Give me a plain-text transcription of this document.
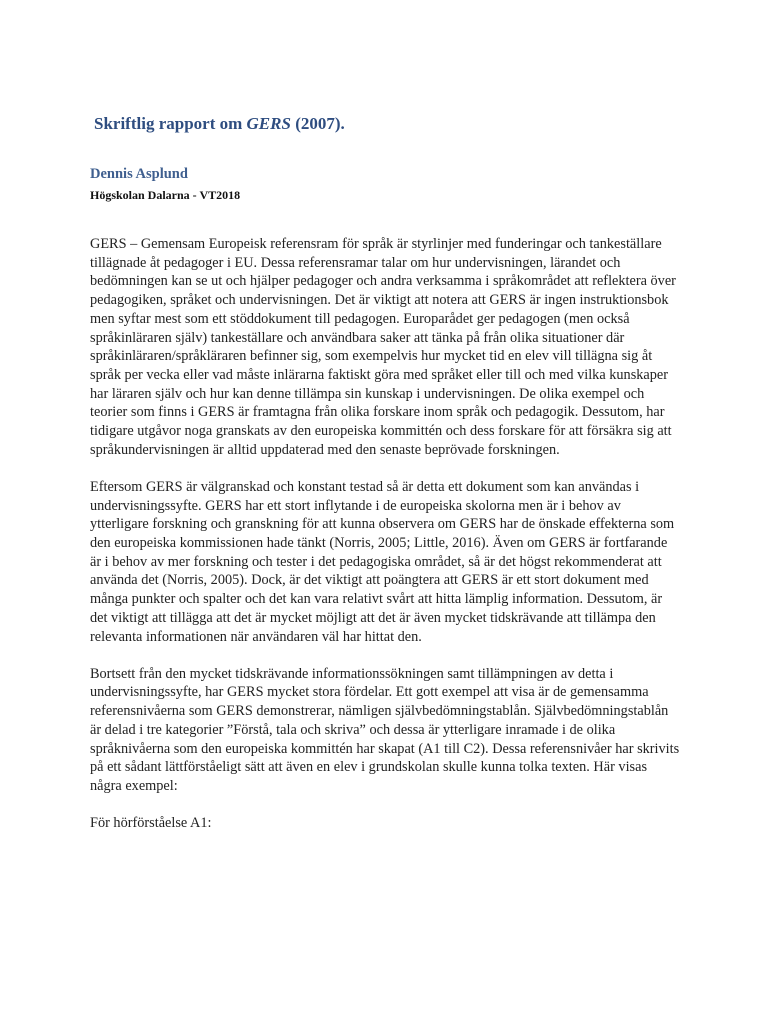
Skriftlig rapport om GERS (2007).

Dennis Asplund

Högskolan Dalarna - VT2018

GERS – Gemensam Europeisk referensram för språk är styrlinjer med funderingar och tankeställare
tillägnade åt pedagoger i EU. Dessa referensramar talar om hur undervisningen, lärandet och
bedömningen kan se ut och hjälper pedagoger och andra verksamma i språkområdet att reflektera över
pedagogiken, språket och undervisningen. Det är viktigt att notera att GERS är ingen instruktionsbok
men syftar mest som ett stöddokument till pedagogen. Europarådet ger pedagogen (men också
språkinläraren själv) tankeställare och användbara saker att tänka på från olika situationer där
språkinläraren/språkläraren befinner sig, som exempelvis hur mycket tid en elev vill tillägna sig åt
språk per vecka eller vad måste inlärarna faktiskt göra med språket eller till och med vilka kunskaper
har läraren själv och hur kan denne tillämpa sin kunskap i undervisningen. De olika exempel och
teorier som finns i GERS är framtagna från olika forskare inom språk och pedagogik. Dessutom, har
tidigare utgåvor noga granskats av den europeiska kommittén och dess forskare för att försäkra sig att
språkundervisningen är alltid uppdaterad med den senaste beprövade forskningen.

Eftersom GERS är välgranskad och konstant testad så är detta ett dokument som kan användas i
undervisningssyfte. GERS har ett stort inflytande i de europeiska skolorna men är i behov av
ytterligare forskning och granskning för att kunna observera om GERS har de önskade effekterna som
den europeiska kommissionen hade tänkt (Norris, 2005; Little, 2016). Även om GERS är fortfarande
är i behov av mer forskning och tester i det pedagogiska området, så är det högst rekommenderat att
använda det (Norris, 2005). Dock, är det viktigt att poängtera att GERS är ett stort dokument med
många punkter och spalter och det kan vara relativt svårt att hitta lämplig information. Dessutom, är
det viktigt att tillägga att det är mycket möjligt att det är även mycket tidskrävande att tillämpa den
relevanta informationen när användaren väl har hittat den.

Bortsett från den mycket tidskrävande informationssökningen samt tillämpningen av detta i
undervisningssyfte, har GERS mycket stora fördelar. Ett gott exempel att visa är de gemensamma
referensnivåerna som GERS demonstrerar, nämligen självbedömningstablån. Självbedömningstablån
är delad i tre kategorier ”Förstå, tala och skriva” och dessa är ytterligare inramade i de olika
språknivåerna som den europeiska kommittén har skapat (A1 till C2). Dessa referensnivåer har skrivits
på ett sådant lättförståeligt sätt att även en elev i grundskolan skulle kunna tolka texten. Här visas
några exempel:

För hörförståelse A1:
